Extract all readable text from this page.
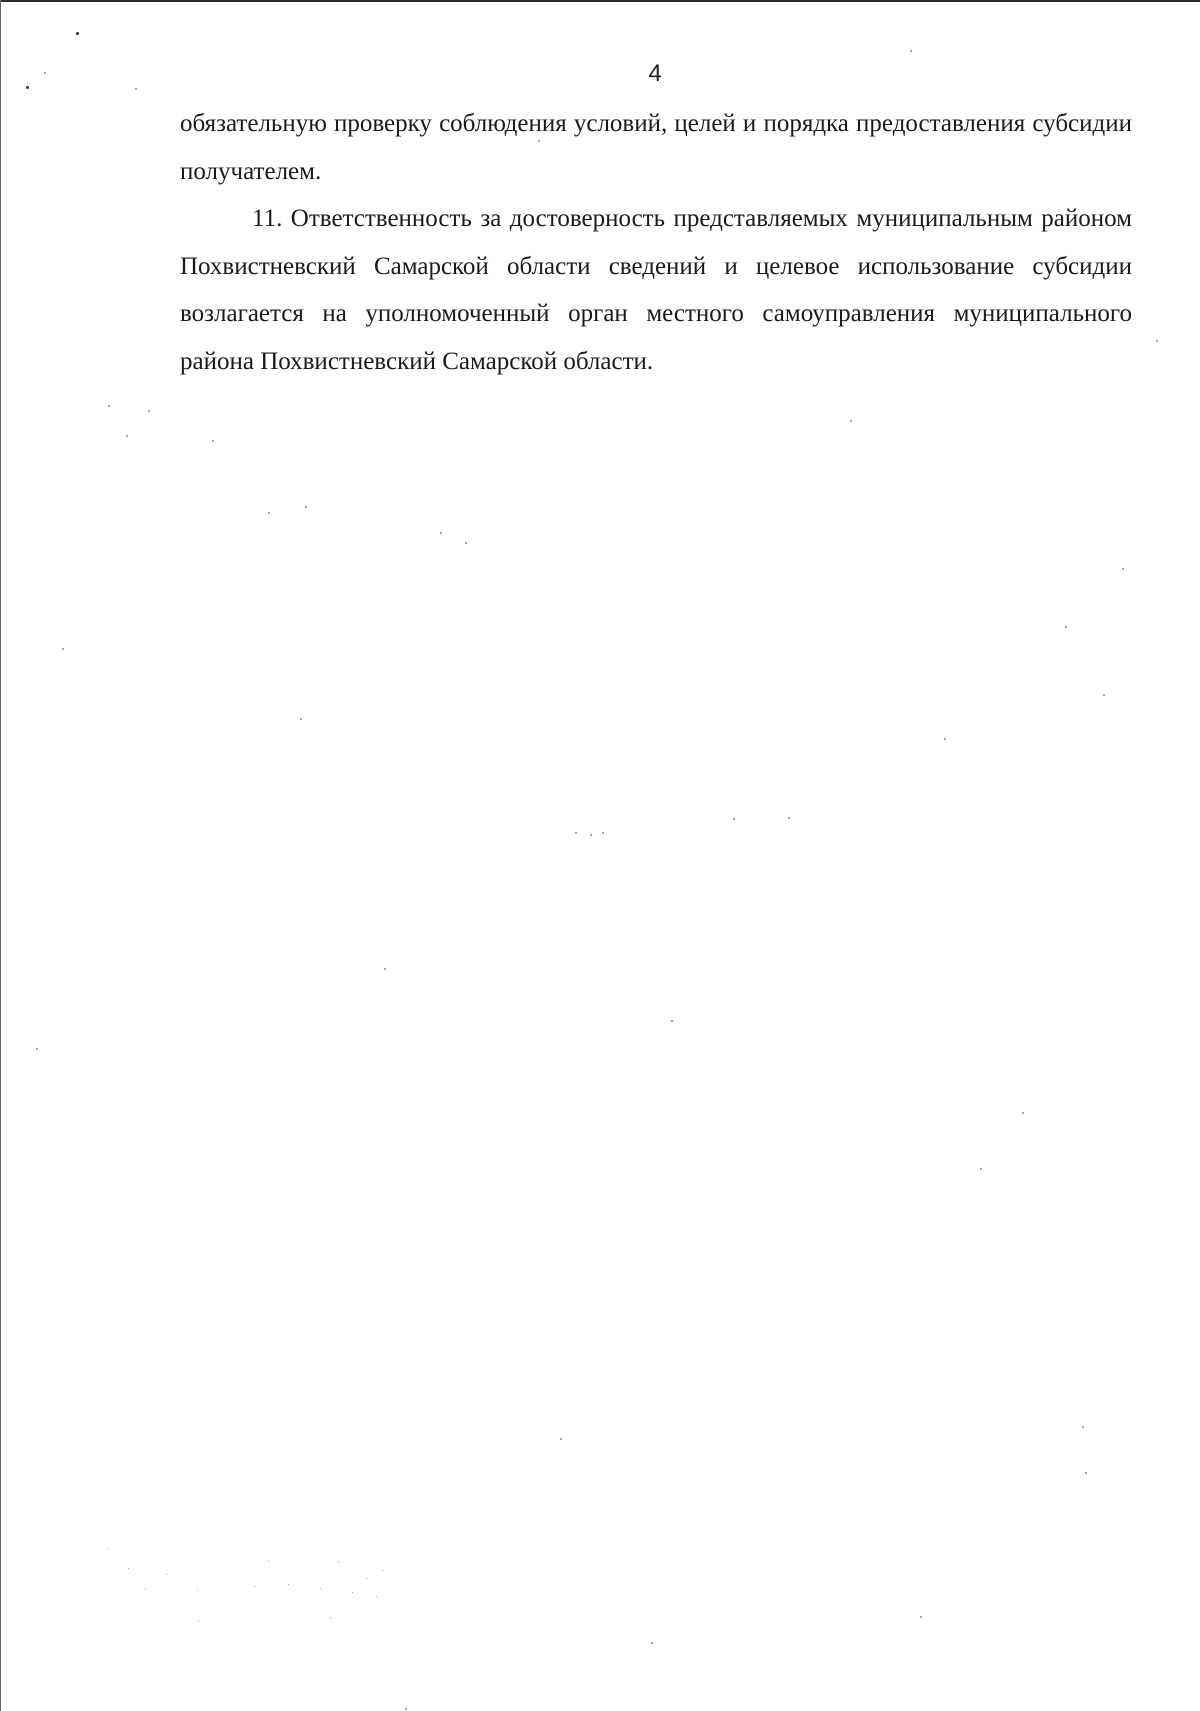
4

обязательную проверку соблюдения условий, целей и порядка предоставления субсидии получателем.

11. Ответственность за достоверность представляемых муниципальным районом Похвистневский Самарской области сведений и целевое использование субсидии возлагается на уполномоченный орган местного самоуправления муниципального района Похвистневский Самарской области.
